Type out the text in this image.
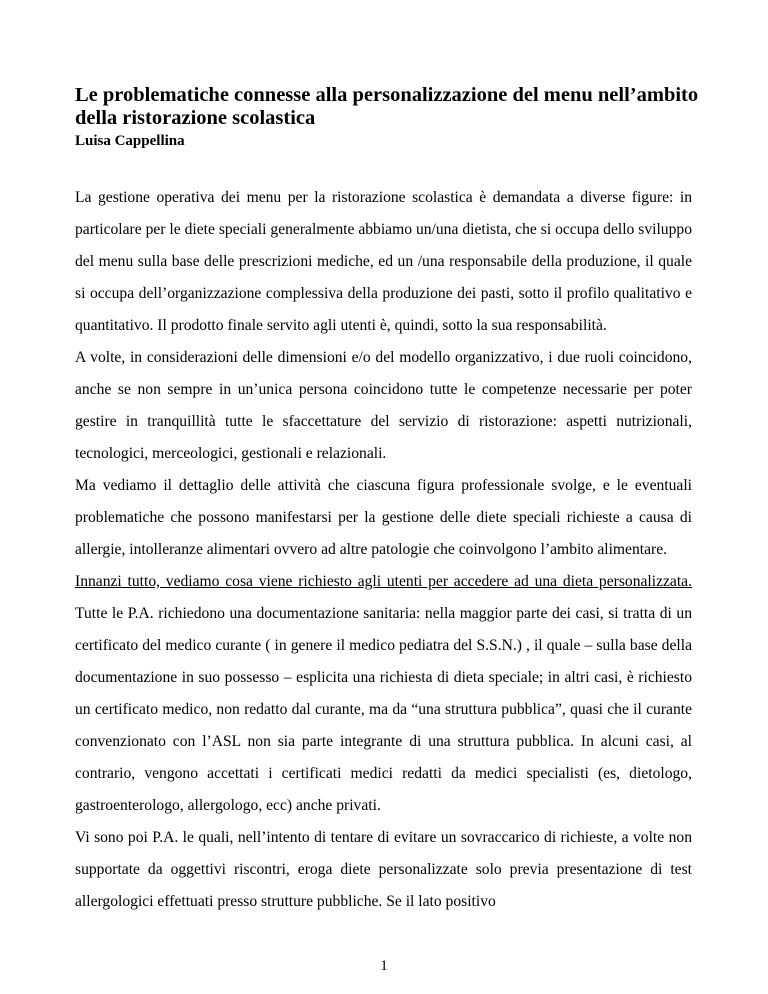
Le problematiche connesse alla personalizzazione del menu nell’ambito della ristorazione scolastica

Luisa Cappellina

La gestione operativa dei menu per la ristorazione scolastica è demandata a diverse figure: in particolare per le diete speciali generalmente abbiamo un/una dietista, che si occupa dello sviluppo del menu sulla base delle prescrizioni mediche, ed un /una responsabile della produzione, il quale si occupa dell’organizzazione complessiva della produzione dei pasti, sotto il profilo qualitativo e quantitativo. Il prodotto finale servito agli utenti è, quindi, sotto la sua responsabilità.

A volte, in considerazioni delle dimensioni e/o del modello organizzativo, i due ruoli coincidono, anche se non sempre in un’unica persona coincidono tutte le competenze necessarie per poter gestire in tranquillità tutte le sfaccettature del servizio di ristorazione: aspetti nutrizionali, tecnologici, merceologici, gestionali e relazionali.

Ma vediamo il dettaglio delle attività che ciascuna figura professionale svolge, e le eventuali problematiche che possono manifestarsi per la gestione delle diete speciali richieste a causa di allergie, intolleranze alimentari ovvero ad altre patologie che coinvolgono l’ambito alimentare.

Innanzi tutto, vediamo cosa viene richiesto agli utenti per accedere ad una dieta personalizzata. Tutte le P.A. richiedono una documentazione sanitaria: nella maggior parte dei casi, si tratta di un certificato del medico curante ( in genere il medico pediatra del S.S.N.) , il quale – sulla base della documentazione in suo possesso – esplicita una richiesta di dieta speciale; in altri casi, è richiesto un certificato medico, non redatto dal curante, ma da “una struttura pubblica”, quasi che il curante convenzionato con l’ASL non sia parte integrante di una struttura pubblica. In alcuni casi, al contrario, vengono accettati i certificati medici redatti da medici specialisti (es, dietologo, gastroenterologo, allergologo, ecc) anche privati.

Vi sono poi P.A. le quali, nell’intento di tentare di evitare un sovraccarico di richieste, a volte non supportate da oggettivi riscontri, eroga diete personalizzate solo previa presentazione di test allergologici effettuati presso strutture pubbliche. Se il lato positivo

1
